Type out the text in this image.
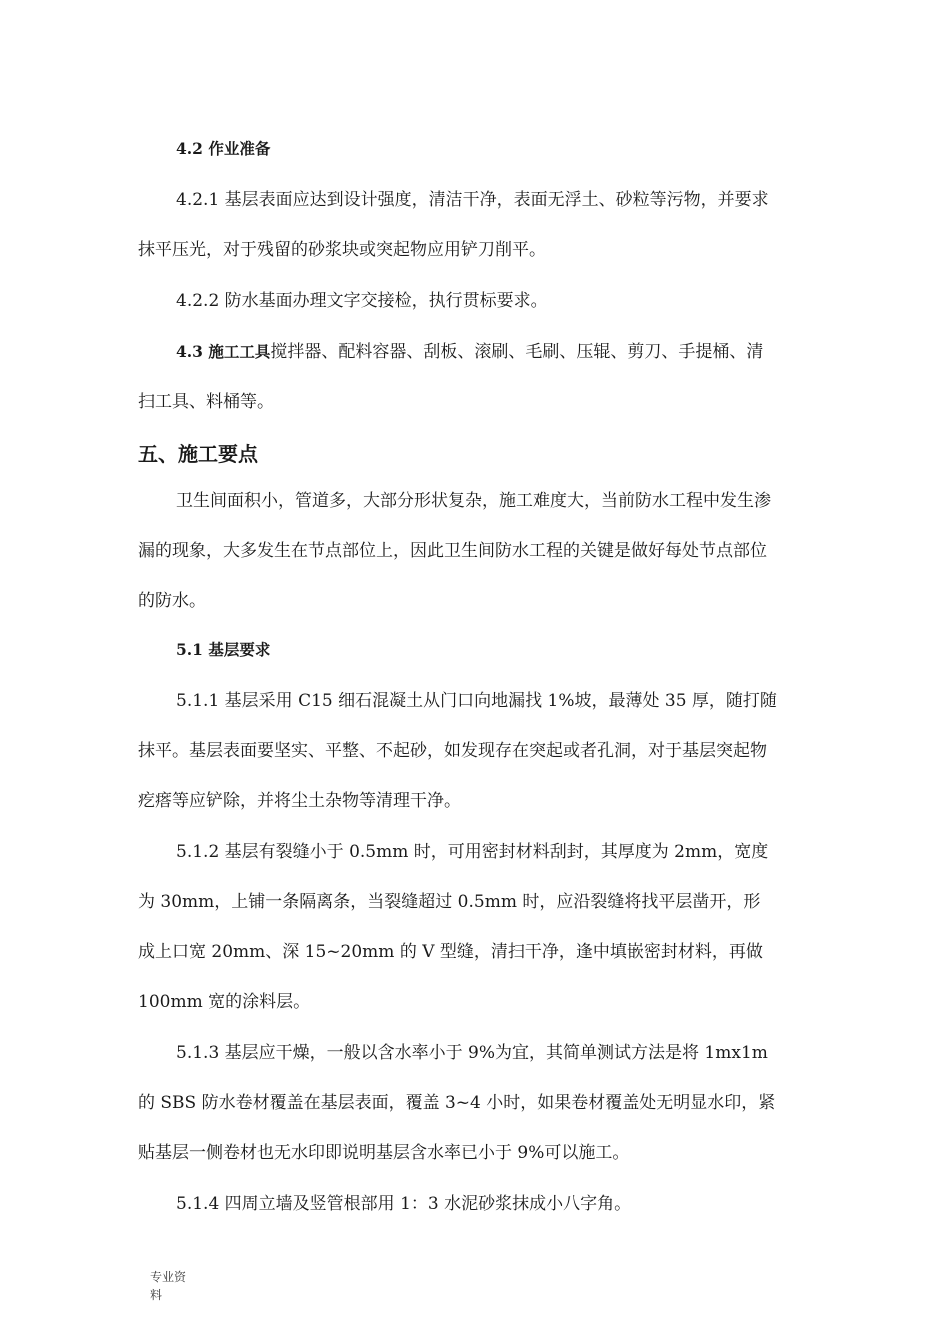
4.2 作业准备
4.2.1 基层表面应达到设计强度，清洁干净，表面无浮土、砂粒等污物，并要求
抹平压光，对于残留的砂浆块或突起物应用铲刀削平。
4.2.2 防水基面办理文字交接检，执行贯标要求。
4.3 施工工具搅拌器、配料容器、刮板、滚刷、毛刷、压辊、剪刀、手提桶、清
扫工具、料桶等。
五、施工要点
卫生间面积小，管道多，大部分形状复杂，施工难度大，当前防水工程中发生渗
漏的现象，大多发生在节点部位上，因此卫生间防水工程的关键是做好每处节点部位
的防水。
5.1 基层要求
5.1.1 基层采用 C15 细石混凝土从门口向地漏找 1%坡，最薄处 35 厚，随打随
抹平。基层表面要坚实、平整、不起砂，如发现存在突起或者孔洞，对于基层突起物
疙瘩等应铲除，并将尘土杂物等清理干净。
5.1.2 基层有裂缝小于 0.5mm 时，可用密封材料刮封，其厚度为 2mm，宽度
为 30mm，上铺一条隔离条，当裂缝超过 0.5mm 时，应沿裂缝将找平层凿开，形
成上口宽 20mm、深 15~20mm 的 V 型缝，清扫干净，逢中填嵌密封材料，再做
100mm 宽的涂料层。
5.1.3 基层应干燥，一般以含水率小于 9%为宜，其简单测试方法是将 1mx1m
的 SBS 防水卷材覆盖在基层表面，覆盖 3~4 小时，如果卷材覆盖处无明显水印，紧
贴基层一侧卷材也无水印即说明基层含水率已小于 9%可以施工。
5.1.4 四周立墙及竖管根部用 1：3 水泥砂浆抹成小八字角。
专业资
料
